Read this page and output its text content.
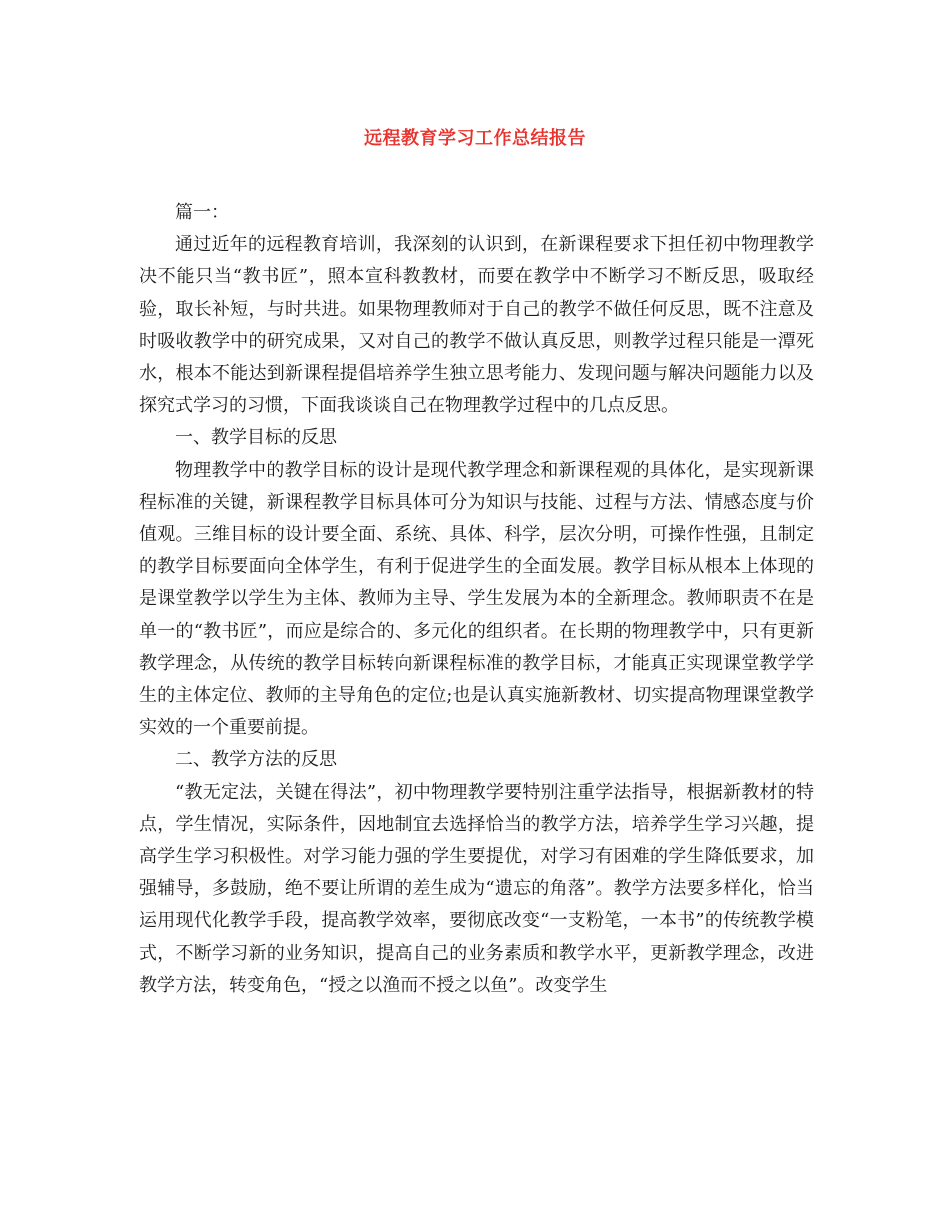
远程教育学习工作总结报告

篇一：

通过近年的远程教育培训，我深刻的认识到，在新课程要求下担任初中物理教学决不能只当“教书匠”，照本宣科教教材，而要在教学中不断学习不断反思，吸取经验，取长补短，与时共进。如果物理教师对于自己的教学不做任何反思，既不注意及时吸收教学中的研究成果，又对自己的教学不做认真反思，则教学过程只能是一潭死水，根本不能达到新课程提倡培养学生独立思考能力、发现问题与解决问题能力以及探究式学习的习惯，下面我谈谈自己在物理教学过程中的几点反思。

一、教学目标的反思

物理教学中的教学目标的设计是现代教学理念和新课程观的具体化，是实现新课程标准的关键，新课程教学目标具体可分为知识与技能、过程与方法、情感态度与价值观。三维目标的设计要全面、系统、具体、科学，层次分明，可操作性强，且制定的教学目标要面向全体学生，有利于促进学生的全面发展。教学目标从根本上体现的是课堂教学以学生为主体、教师为主导、学生发展为本的全新理念。教师职责不在是单一的“教书匠”，而应是综合的、多元化的组织者。在长期的物理教学中，只有更新教学理念，从传统的教学目标转向新课程标准的教学目标，才能真正实现课堂教学学生的主体定位、教师的主导角色的定位;也是认真实施新教材、切实提高物理课堂教学实效的一个重要前提。

二、教学方法的反思

“教无定法，关键在得法”，初中物理教学要特别注重学法指导，根据新教材的特点，学生情况，实际条件，因地制宜去选择恰当的教学方法，培养学生学习兴趣，提高学生学习积极性。对学习能力强的学生要提优，对学习有困难的学生降低要求，加强辅导，多鼓励，绝不要让所谓的差生成为“遗忘的角落”。教学方法要多样化，恰当运用现代化教学手段，提高教学效率，要彻底改变“一支粉笔，一本书”的传统教学模式，不断学习新的业务知识，提高自己的业务素质和教学水平，更新教学理念，改进教学方法，转变角色，“授之以渔而不授之以鱼”。改变学生
